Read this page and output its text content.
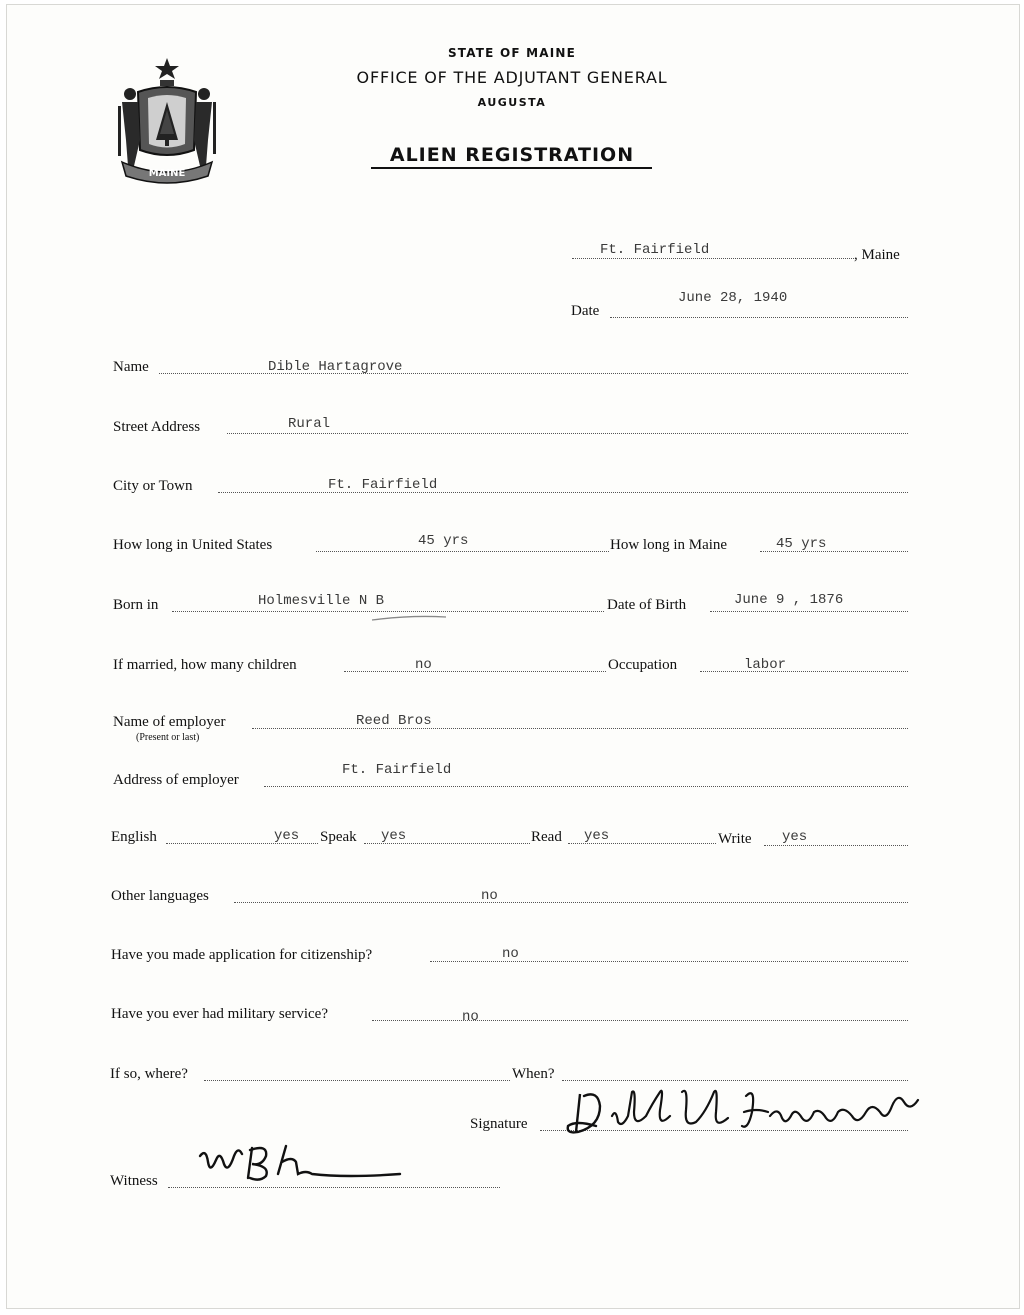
MAINE
STATE OF MAINE
OFFICE OF THE ADJUTANT GENERAL
AUGUSTA
ALIEN REGISTRATION
Ft. Fairfield	, Maine
Date
June 28, 1940
Name	Dible Hartagrove
Street Address	Rural
City or Town	Ft. Fairfield
How long in United States	45 yrs	How long in Maine	45 yrs
Born in	Holmesville N B	Date of Birth	June 9 , 1876
If married, how many children	no	Occupation	labor
Name of employer
(Present or last)
Reed Bros
Address of employer
Ft. Fairfield
English	yes Speak yes	Read yes	Write yes
Other languages	no
Have you made application for citizenship?	no
Have you ever had military service?	no
If so, where?	When?
Signature
Witness
